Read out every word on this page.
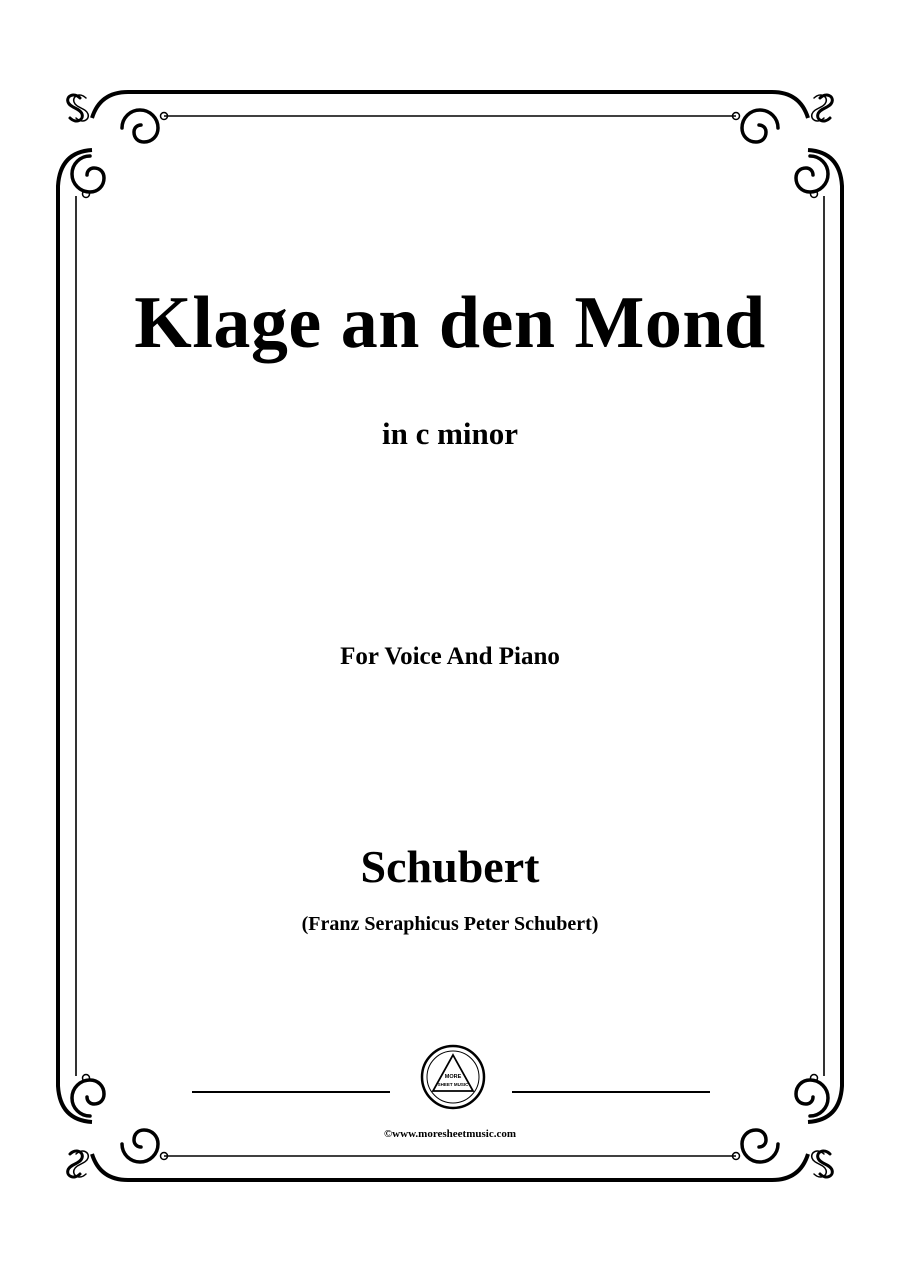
Klage an den Mond
in c minor
For Voice And Piano
Schubert
(Franz Seraphicus Peter Schubert)
MORE
SHEET MUSIC
©www.moresheetmusic.com
